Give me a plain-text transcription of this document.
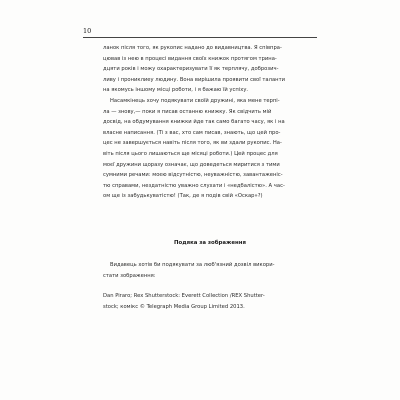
10
ланок після того, як рукопис надано до видавництва. Я співпра-
цював із нею в процесі видання своїх книжок протягом трина-
дцяти років і можу охарактеризувати її як терплячу, доброзич-
ливу і прониклиеу людину. Вона вирішила проявити свої таланти
на якомусь іншому місці роботи, і я бажаю їй успіху.
Насамкінець хочу подякувати своїй дружині, яка мене терпі-
ла — знову,— поки я писав останню книжку. Як свідчить мій
досвід, на обдумування книжки йде так само багато часу, як і на
власне написання. (Ті з вас, хто сам писав, знають, що цей про-
цес не завершується навіть після того, як ви здали рукопис. На-
віть після цього лишаються ще місяці роботи.) Цей процес для
моєї дружини щоразу означає, що доведеться миритися з тими
сумними речами: моєю відсутністю, неуважністю, завантаженіс-
тю справами, нездатністю уважно слухати і «недбалістю». А час-
ом ще із забудькуватістю! (Так, де я подів свій «Оскар»?)
Подяка за зображення
Видавець хотів би подякувати за люб'язний дозвіл викори-
стати зображення:
Dan Piraro; Rex Shutterstock: Everett Collection /REX Shutter-
stock; комікс © Telegraph Media Group Limited 2013.
